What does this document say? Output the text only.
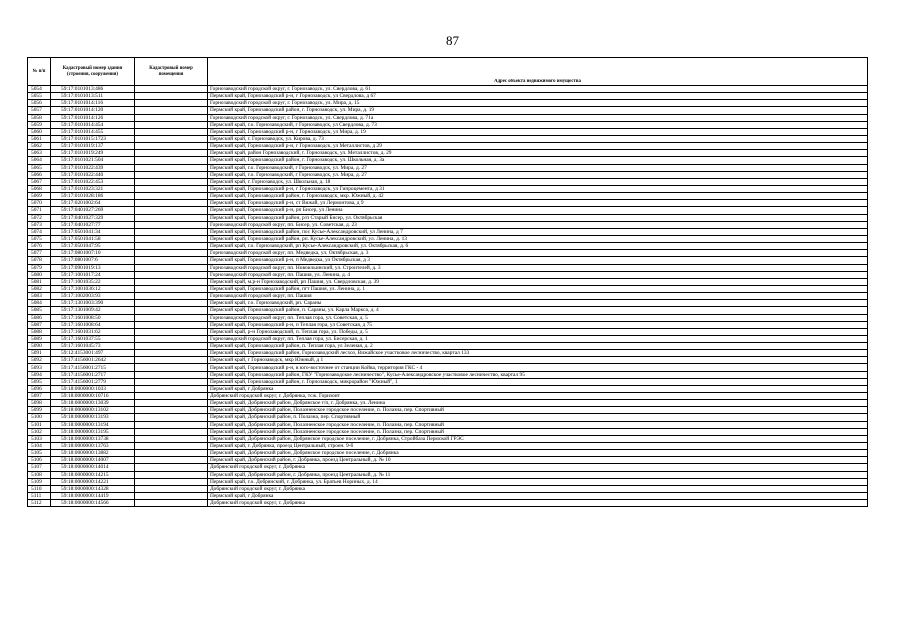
87
№ п/п	Кадастровый номер здания (строения, сооружения)	Кадастровый номер помещения	
			Адрес объекта недвижимого имущества
5054	59:17:0101013:486		Горнозаводский городской округ, г. Горнозаводск, ул. Свердлова, д. 61
5055	59:17:0101013:511		Пермский край, Горнозаводский р-н, г Горнозаводск, ул Свердлова, д 67
5056	59:17:0101014:116		Горнозаводский городской округ, г. Горнозаводск, ул. Мира, д. 15
5057	59:17:0101014:120		Пермский край, Горнозаводский район, г. Горнозаводск, ул. Мира, д. 19
5058	59:17:0101014:126		Горнозаводский городской округ, г. Горнозаводск, ул. Свердлова, д. 71а
5059	59:17:0101014:454		Пермский край, г.о. Горнозаводский, г Горнозаводск, ул Свердлова, д. 73
5060	59:17:0101014:455		Пермский край, Горнозаводский р-н, г Горнозаводск, ул Мира, д. 19
5061	59:17:0101015:1723		Пермский край, г. Горнозаводск, ул. Кирова, д. 73
5062	59:17:0101019:137		Пермский край, Горнозаводский р-н, г Горнозаводск, ул Металлистов, д 29
5063	59:17:0101019:249		Пермский край, район Горнозаводский, г. Горнозаводск, ул. Металлистов, д. 29
5064	59:17:0101021:504		Пермский край, Горнозаводский район, г. Горнозаводск, ул. Школьная, д. 3а
5065	59:17:0101022:439		Пермский край, г.о. Горнозаводский, г Горнозаводск, ул. Мира, д. 27
5066	59:17:0101022:440		Пермский край, г.о. Горнозаводский, г Горнозаводск, ул. Мира, д. 27
5067	59:17:0101022:453		Пермский край, г. Горнозаводск, ул. Школьная, д. 18
5068	59:17:0101023:321		Пермский край, Горнозаводский р-н, г Горнозаводск, ул Гипроцемента, д 31
5069	59:17:0101028:186		Пермский край, Горнозаводский район, г. Горнозаводск, мкр. Южный, д. 42
5070	59:17:0201002:64		Пермский край, Горнозаводский р-н, ст Вижай, ул Лермонтова, д 9
5071	59:17:0401027:269		Пермский край, Горнозаводский р-н, рп Бисер, ул Ленина
5072	59:17:0401027:329		Пермский край, Горнозаводский район, р/п Старый Бисер, ул. Октябрьская
5073	59:17:0401027:77		Горнозаводский городской округ, пп. Бисер, ул. Советская, д. 23
5074	59:17:0501041:34		Пермский край, Горнозаводский район, пос Кусье-Александровский, ул Ленина, д 7
5075	59:17:0501041:58		Пермский край, Горнозаводский район, рп. Кусье-Александровский, ул. Ленина, д. 13
5076	59:17:0501047:95		Пермский край, г.о. Горнозаводский, рп Кусье-Александровский, ул. Октябрьская, д. 6
5077	59:17:0801007:10		Горнозаводский городской округ, пп. Медведка, ул. Октябрьская, д. 3
5078	59:17:0801007:6		Пермский край, Горнозаводский р-н, п Медведка, ул Октябрьская, д 3
5079	59:17:0901019:13		Горнозаводский городской округ, пп. Новоиль​инский, ул. Строителей, д. 3
5080	59:17:1001017:24		Горнозаводский городской округ, пп. Пашия, ул. Ленина, д. 4
5081	59:17:1001035:22		Пермский край, м.р-н Горнозаводский, рп Пашия, ул. Свердловская, д. 39
5082	59:17:1001036:12		Пермский край, Горнозаводский район, пгт Пашия, ул. Ленина, д. 1
5083	59:17:1002003:93		Горнозаводский городской округ, пп. Пашия
5084	59:17:1301003:390		Пермский край, г.о. Горнозаводский, рп. Сараны
5085	59:17:1301009:42		Пермский край, Горнозаводский район, п. Сараны, ул. Карла Маркса, д. 4
5086	59:17:1601008:50		Горнозаводский городской округ, пп. Теплая гора, ул. Советская, д. 5
5087	59:17:1601008:64		Пермский край, Горнозаводский р-н, п Теплая гора, ул Советская, д 75
5088	59:17:1601031:62		Пермский край, р-н Горнозаводский, п. Теплая гора, ул. Победы, д. 5
5089	59:17:1601037:55		Горнозаводский городской округ, пп. Теплая гора, ул. Бисерская, д. 1
5090	59:17:1601045:73		Пермский край, Горнозаводский район, п. Теплая гора, ул Зеленая, д. 2
5091	59:12:4153001:497		Пермский край, Горнозаводский район, Горнозаводский лесхоз, Вижайское участковое лесничество, квартал 133
5092	59:17:4156001:2642		Пермский край, г Горнозаводск, мкр Южный, д 1
5093	59:17:4156001:2715		Пермский край, Горнозаводский р-н, в юго-восточнее от станции Койва, территория ГКС - 4
5094	59:17:4156001:2717		Пермский край, Горнозаводский район, ГКУ "Горнозаводское лесничество", Кусье-Александровское участковое лесничество, квартал 95
5095	59:17:4156001:2779		Пермский край, Горнозаводский район, г. Горнозаводск, микрорайон "Южный", 1
5096	59:18:0000000:1033		Пермский край, г Добрянка
5097	59:18:0000000:10716		Добрянский городской округ, г. Добрянка, тсж. Горизонт
5098	59:18:0000000:13039		Пермский край, Добрянский район, Добрянское г/п, г. Добрянка, ул. Ленина
5099	59:18:0000000:13102		Пермский край, Добрянский район, Полазненское городское поселение, п. Полазна, пер. Спортивный
5100	59:18:0000000:13193		Пермский край, Добрянский район, п. Полазна, пер. Спортивный
5101	59:18:0000000:13194		Пермский край, Добрянский район, Полазненское городское поселение, п. Полазна, пер. Спортивный
5102	59:18:0000000:13195		Пермский край, Добрянский район, Полазненское городское поселение, п. Полазна, пер. Спортивный
5103	59:18:0000000:13738		Пермский край, Добрянский район, Добрянское городское поселение, г. Добрянка, Стройбаза Пермской ГРЭС
5104	59:18:0000000:13763		Пермский край, г. Добрянка, проезд Центральный, строен. 9-б
5105	59:18:0000000:13882		Пермский край, Добрянский район, Добрянское городское поселение, г. Добрянка
5106	59:18:0000000:14007		Пермский край, Добрянский район, г. Добрянка, проезд Центральный, д. № 10
5107	59:18:0000000:14014		Добрянский городской округ, г. Добрянка
5108	59:18:0000000:14215		Пермский край, Добрянский район, г. Добрянка, проезд Центральный, д. № 11
5109	59:18:0000000:14221		Пермский край, г.о. Добрянский, г. Добрянка, ул. Братьев Нориных, д. 14
5110	59:18:0000000:14328		Добрянский городской округ, г. Добрянка
5111	59:18:0000000:14419		Пермский край, г Добрянка
5112	59:18:0000000:14566		Добрянский городской округ, г. Добрянка
